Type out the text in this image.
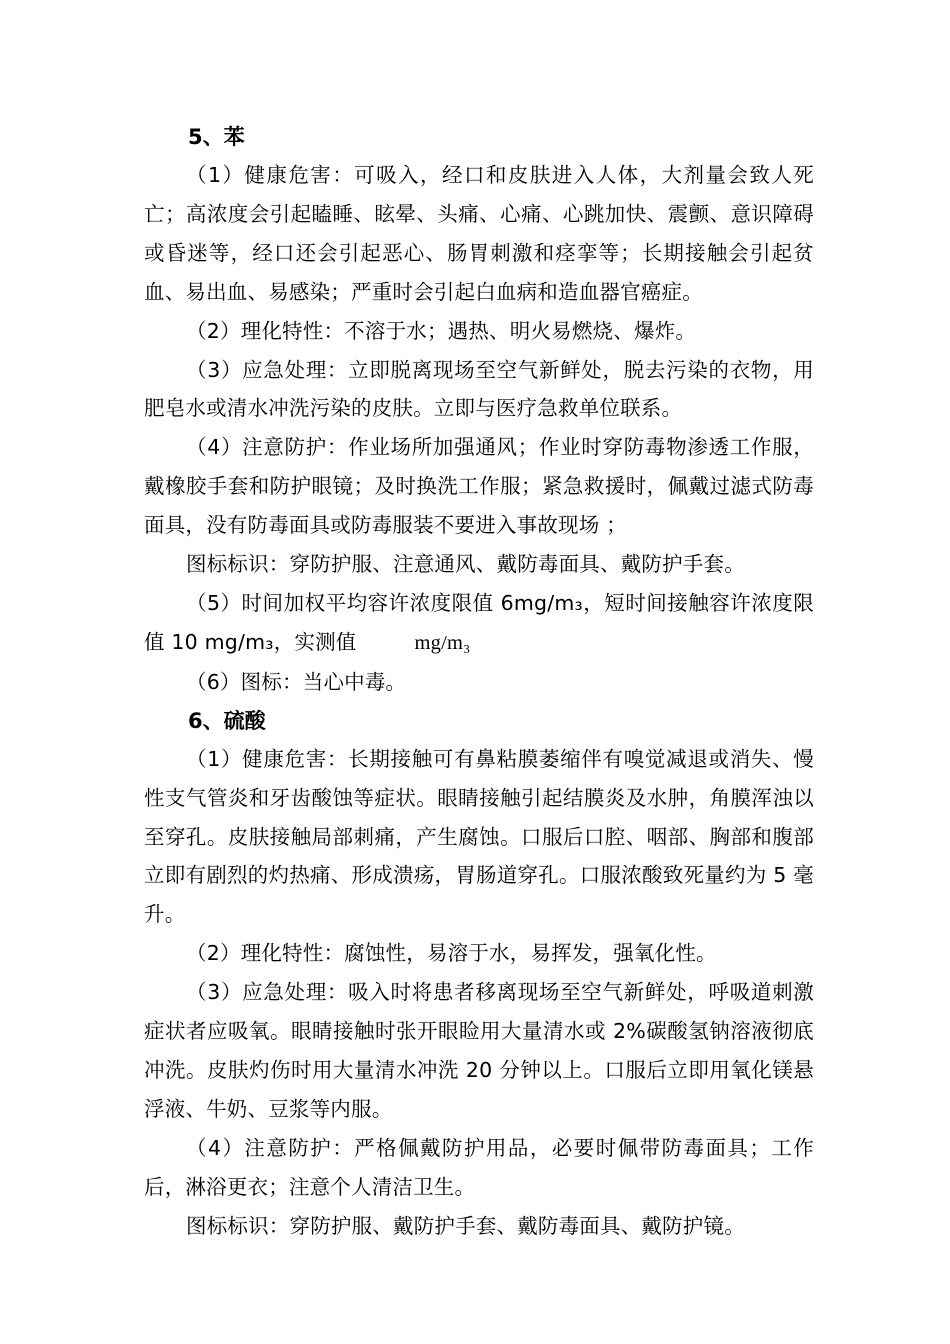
5、苯

（1）健康危害：可吸入，经口和皮肤进入人体，大剂量会致人死亡；高浓度会引起瞌睡、眩晕、头痛、心痛、心跳加快、震颤、意识障碍或昏迷等，经口还会引起恶心、肠胃刺激和痉挛等；长期接触会引起贫血、易出血、易感染；严重时会引起白血病和造血器官癌症。

（2）理化特性：不溶于水；遇热、明火易燃烧、爆炸。

（3）应急处理：立即脱离现场至空气新鲜处，脱去污染的衣物，用肥皂水或清水冲洗污染的皮肤。立即与医疗急救单位联系。

（4）注意防护：作业场所加强通风；作业时穿防毒物渗透工作服，戴橡胶手套和防护眼镜；及时换洗工作服；紧急救援时，佩戴过滤式防毒面具，没有防毒面具或防毒服装不要进入事故现场 ；

图标标识：穿防护服、注意通风、戴防毒面具、戴防护手套。

（5）时间加权平均容许浓度限值 6mg/m₃，短时间接触容许浓度限值 10 mg/m₃，实测值	mg/m₃

（6）图标：当心中毒。

6、硫酸

（1）健康危害：长期接触可有鼻粘膜萎缩伴有嗅觉减退或消失、慢性支气管炎和牙齿酸蚀等症状。眼睛接触引起结膜炎及水肿，角膜浑浊以至穿孔。皮肤接触局部刺痛，产生腐蚀。口服后口腔、咽部、胸部和腹部立即有剧烈的灼热痛、形成溃疡，胃肠道穿孔。口服浓酸致死量约为 5 毫升。

（2）理化特性：腐蚀性，易溶于水，易挥发，强氧化性。

（3）应急处理：吸入时将患者移离现场至空气新鲜处，呼吸道刺激症状者应吸氧。眼睛接触时张开眼睑用大量清水或 2%碳酸氢钠溶液彻底冲洗。皮肤灼伤时用大量清水冲洗 20 分钟以上。口服后立即用氧化镁悬浮液、牛奶、豆浆等内服。

（4）注意防护：严格佩戴防护用品，必要时佩带防毒面具；工作后，淋浴更衣；注意个人清洁卫生。

图标标识：穿防护服、戴防护手套、戴防毒面具、戴防护镜。
